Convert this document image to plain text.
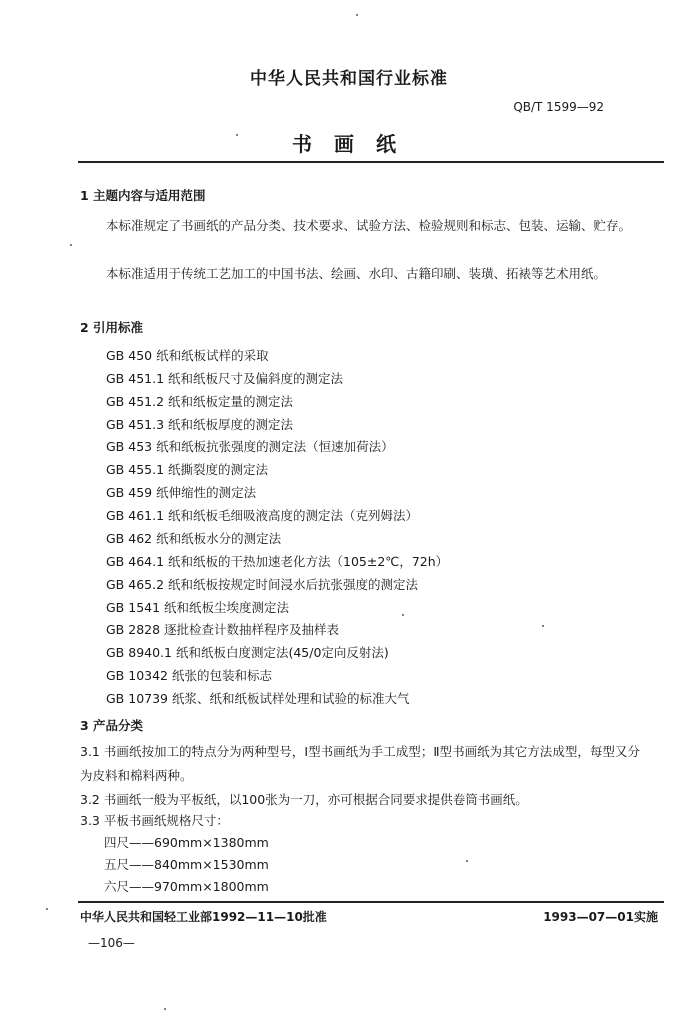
中华人民共和国行业标准
QB/T 1599—92
书画纸
1 主题内容与适用范围
本标准规定了书画纸的产品分类、技术要求、试验方法、检验规则和标志、包装、运输、贮存。
本标准适用于传统工艺加工的中国书法、绘画、水印、古籍印刷、装璜、拓裱等艺术用纸。
2 引用标准
GB 450 纸和纸板试样的采取
GB 451.1 纸和纸板尺寸及偏斜度的测定法
GB 451.2 纸和纸板定量的测定法
GB 451.3 纸和纸板厚度的测定法
GB 453 纸和纸板抗张强度的测定法（恒速加荷法）
GB 455.1 纸撕裂度的测定法
GB 459 纸伸缩性的测定法
GB 461.1 纸和纸板毛细吸液高度的测定法（克列姆法）
GB 462 纸和纸板水分的测定法
GB 464.1 纸和纸板的干热加速老化方法（105±2℃，72h）
GB 465.2 纸和纸板按规定时间浸水后抗张强度的测定法
GB 1541 纸和纸板尘埃度测定法
GB 2828 逐批检查计数抽样程序及抽样表
GB 8940.1 纸和纸板白度测定法(45/0定向反射法)
GB 10342 纸张的包装和标志
GB 10739 纸浆、纸和纸板试样处理和试验的标准大气
3 产品分类
3.1 书画纸按加工的特点分为两种型号，Ⅰ型书画纸为手工成型；Ⅱ型书画纸为其它方法成型，每型又分为皮料和棉料两种。
3.2 书画纸一般为平板纸，以100张为一刀，亦可根据合同要求提供卷筒书画纸。
3.3 平板书画纸规格尺寸：
四尺——690mm×1380mm
五尺——840mm×1530mm
六尺——970mm×1800mm
中华人民共和国轻工业部1992—11—10批准	1993—07—01实施
—106—
